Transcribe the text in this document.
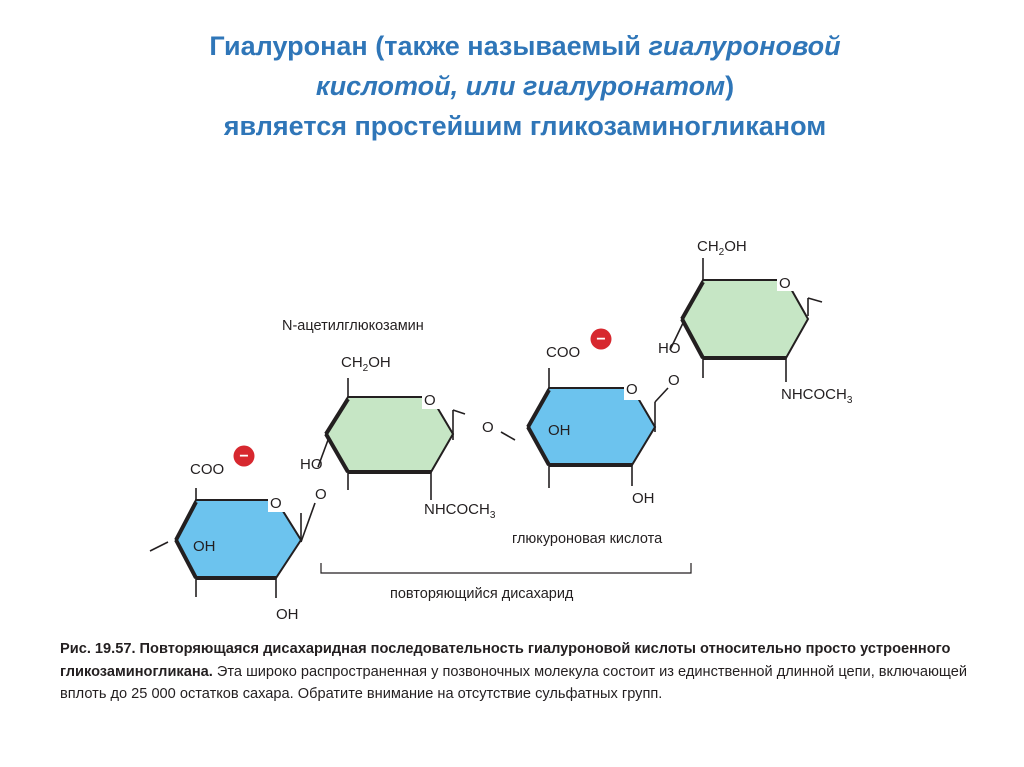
Гиалуронан (также называемый гиалуроновой
кислотой, или гиалуронатом)
является простейшим гликозаминогликаном
COO
O
OH
OH
−
O
$CH_2OH$
O
HO
$NHCOCH_3$
N-ацетилглюкозамин
O
COO
O
OH
OH
−
глюкуроновая кислота
O
$CH_2OH$
O
HO
$NHCOCH_3$
повторяющийся дисахарид
Рис. 19.57. Повторяющаяся дисахаридная последовательность гиалуроновой кислоты относительно просто устроенного гликозаминогликана. Эта широко распространенная у позвоночных молекула состоит из единственной длинной цепи, включающей вплоть до 25 000 остатков сахара. Обратите внимание на отсутствие сульфатных групп.
